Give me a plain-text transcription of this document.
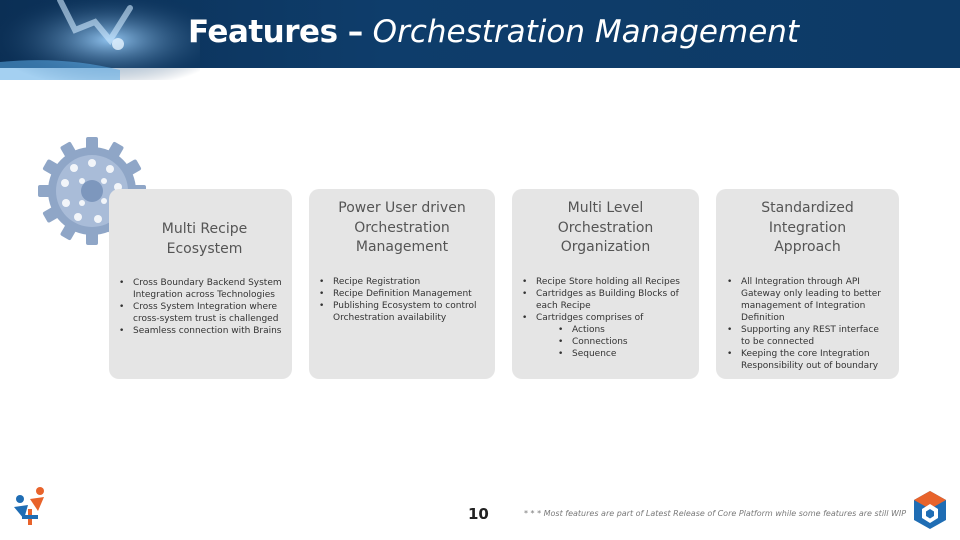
Features – Orchestration Management
Multi Recipe
Ecosystem
• Cross Boundary Backend System Integration across Technologies
• Cross System Integration where cross-system trust is challenged
• Seamless connection with Brains
Power User driven
Orchestration
Management
• Recipe Registration
• Recipe Definition Management
• Publishing Ecosystem to control Orchestration availability
Multi Level
Orchestration
Organization
• Recipe Store holding all Recipes
• Cartridges as Building Blocks of each Recipe
• Cartridges comprises of
• Actions
• Connections
• Sequence
Standardized
Integration
Approach
• All Integration through API Gateway only leading to better management of Integration Definition
• Supporting any REST interface to be connected
• Keeping the core Integration Responsibility out of boundary
10	* * * Most features are part of Latest Release of Core Platform while some features are still WIP
